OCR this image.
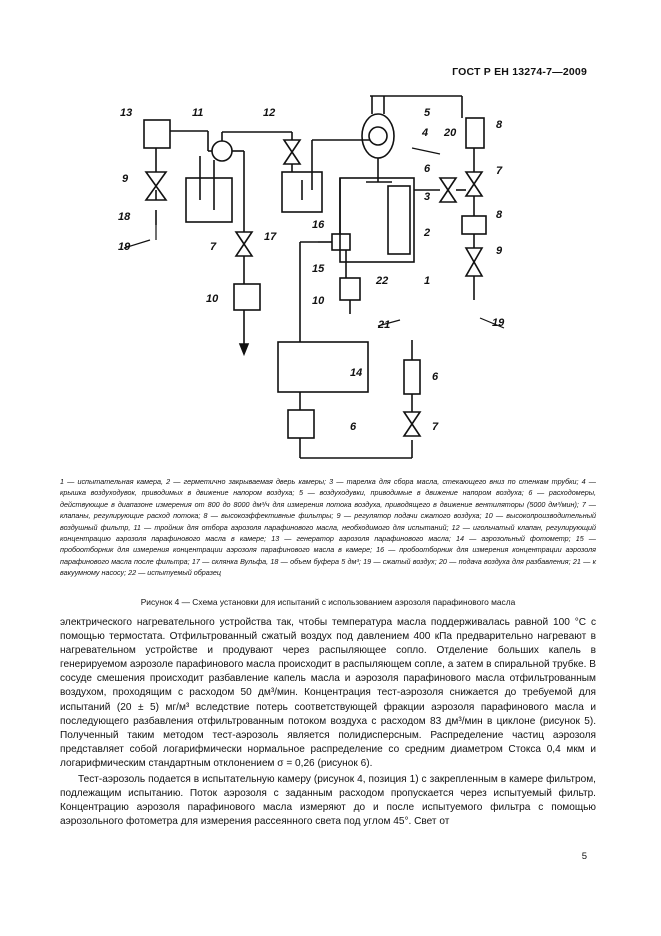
ГОСТ Р ЕН 13274-7—2009
13	11	12	5
4 20
8
9
18
19
3
7
8
16
17	2
7	9
15
22	1
10	10
19
21
14	6
6	7
6
1 — испытательная камера, 2 — герметично закрываемая дверь камеры; 3 — тарелка для сбора масла, стекающего вниз по стенкам трубки; 4 — крышка воздуходувок, приводимых в движение напором воздуха; 5 — воздуходувки, приводимые в движение напором воздуха; 6 — расходомеры, действующие в диапазоне измерения от 800 до 8000 дм³/ч для измерения потока воздуха, приводящего в движение вентиляторы (5000 дм³/мин); 7 — клапаны, регулирующие расход потока; 8 — высокоэффективные фильтры; 9 — регулятор подачи сжатого воздуха; 10 — высокопроизводительный воздушный фильтр, 11 — тройник для отбора аэрозоля парафинового масла, необходимого для испытаний; 12 — игольчатый клапан, регулирующий концентрацию аэрозоля парафинового масла в камере; 13 — генератор аэрозоля парафинового масла; 14 — аэрозольный фотометр; 15 — пробоотборник для измерения концентрации аэрозоля парафинового масла в камере; 16 — пробоотборник для измерения концентрации аэрозоля парафинового масла после фильтра; 17 — склянка Вульфа, 18 — объем буфера 5 дм³; 19 — сжатый воздух; 20 — подача воздуха для разбавления; 21 — к вакуумному насосу; 22 — испытуемый образец
Рисунок 4 — Схема установки для испытаний с использованием аэрозоля парафинового масла

электрического нагревательного устройства так, чтобы температура масла поддерживалась равной 100 °С с помощью термостата. Отфильтрованный сжатый воздух под давлением 400 кПа предварительно нагревают в нагревательном устройстве и продувают через распыляющее сопло. Отделение больших капель в генерируемом аэрозоле парафинового масла происходит в распыляющем сопле, а затем в спиральной трубке. В сосуде смешения происходит разбавление капель масла и аэрозоля парафинового масла отфильтрованным воздухом, проходящим с расходом 50 дм³/мин. Концентрация тест-аэрозоля снижается до требуемой для испытаний (20 ± 5) мг/м³ вследствие потерь соответствующей фракции аэрозоля парафинового масла и последующего разбавления отфильтрованным потоком воздуха с расходом 83 дм³/мин в циклоне (рисунок 5). Полученный таким методом тест-аэрозоль является полидисперсным. Распределение частиц аэрозоля представляет собой логарифмически нормальное распределение со средним диаметром Стокса 0,4 мкм и логарифмическим стандартным отклонением σ = 0,26 (рисунок 6).

Тест-аэрозоль подается в испытательную камеру (рисунок 4, позиция 1) с закрепленным в камере фильтром, подлежащим испытанию. Поток аэрозоля с заданным расходом пропускается через испытуемый фильтр. Концентрацию аэрозоля парафинового масла измеряют до и после испытуемого фильтра с помощью аэрозольного фотометра для измерения рассеянного света под углом 45°. Свет от

5
